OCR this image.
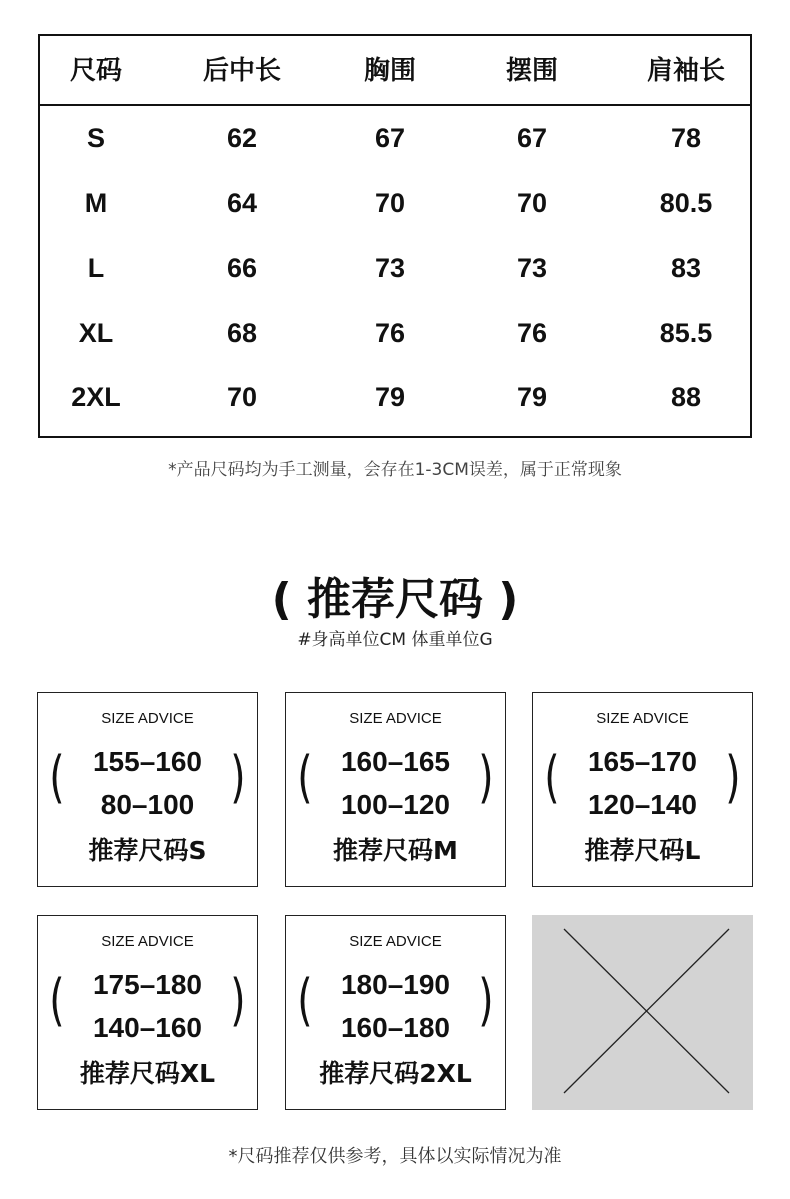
尺码	后中长	胸围	摆围	肩袖长
S	62	67	67	78
M	64	70	70	80.5
L	66	73	73	83
XL	68	76	76	85.5
2XL	70	79	79	88
*产品尺码均为手工测量，会存在1-3CM误差，属于正常现象
( 推荐尺码 )
#身高单位CM 体重单位G
SIZE ADVICE
(	)
155–160
80–100
推荐尺码S
SIZE ADVICE
(	)
160–165
100–120
推荐尺码M
SIZE ADVICE
(	)
165–170
120–140
推荐尺码L
SIZE ADVICE
(	)
175–180
140–160
推荐尺码XL
SIZE ADVICE
(	)
180–190
160–180
推荐尺码2XL
*尺码推荐仅供参考，具体以实际情况为准
